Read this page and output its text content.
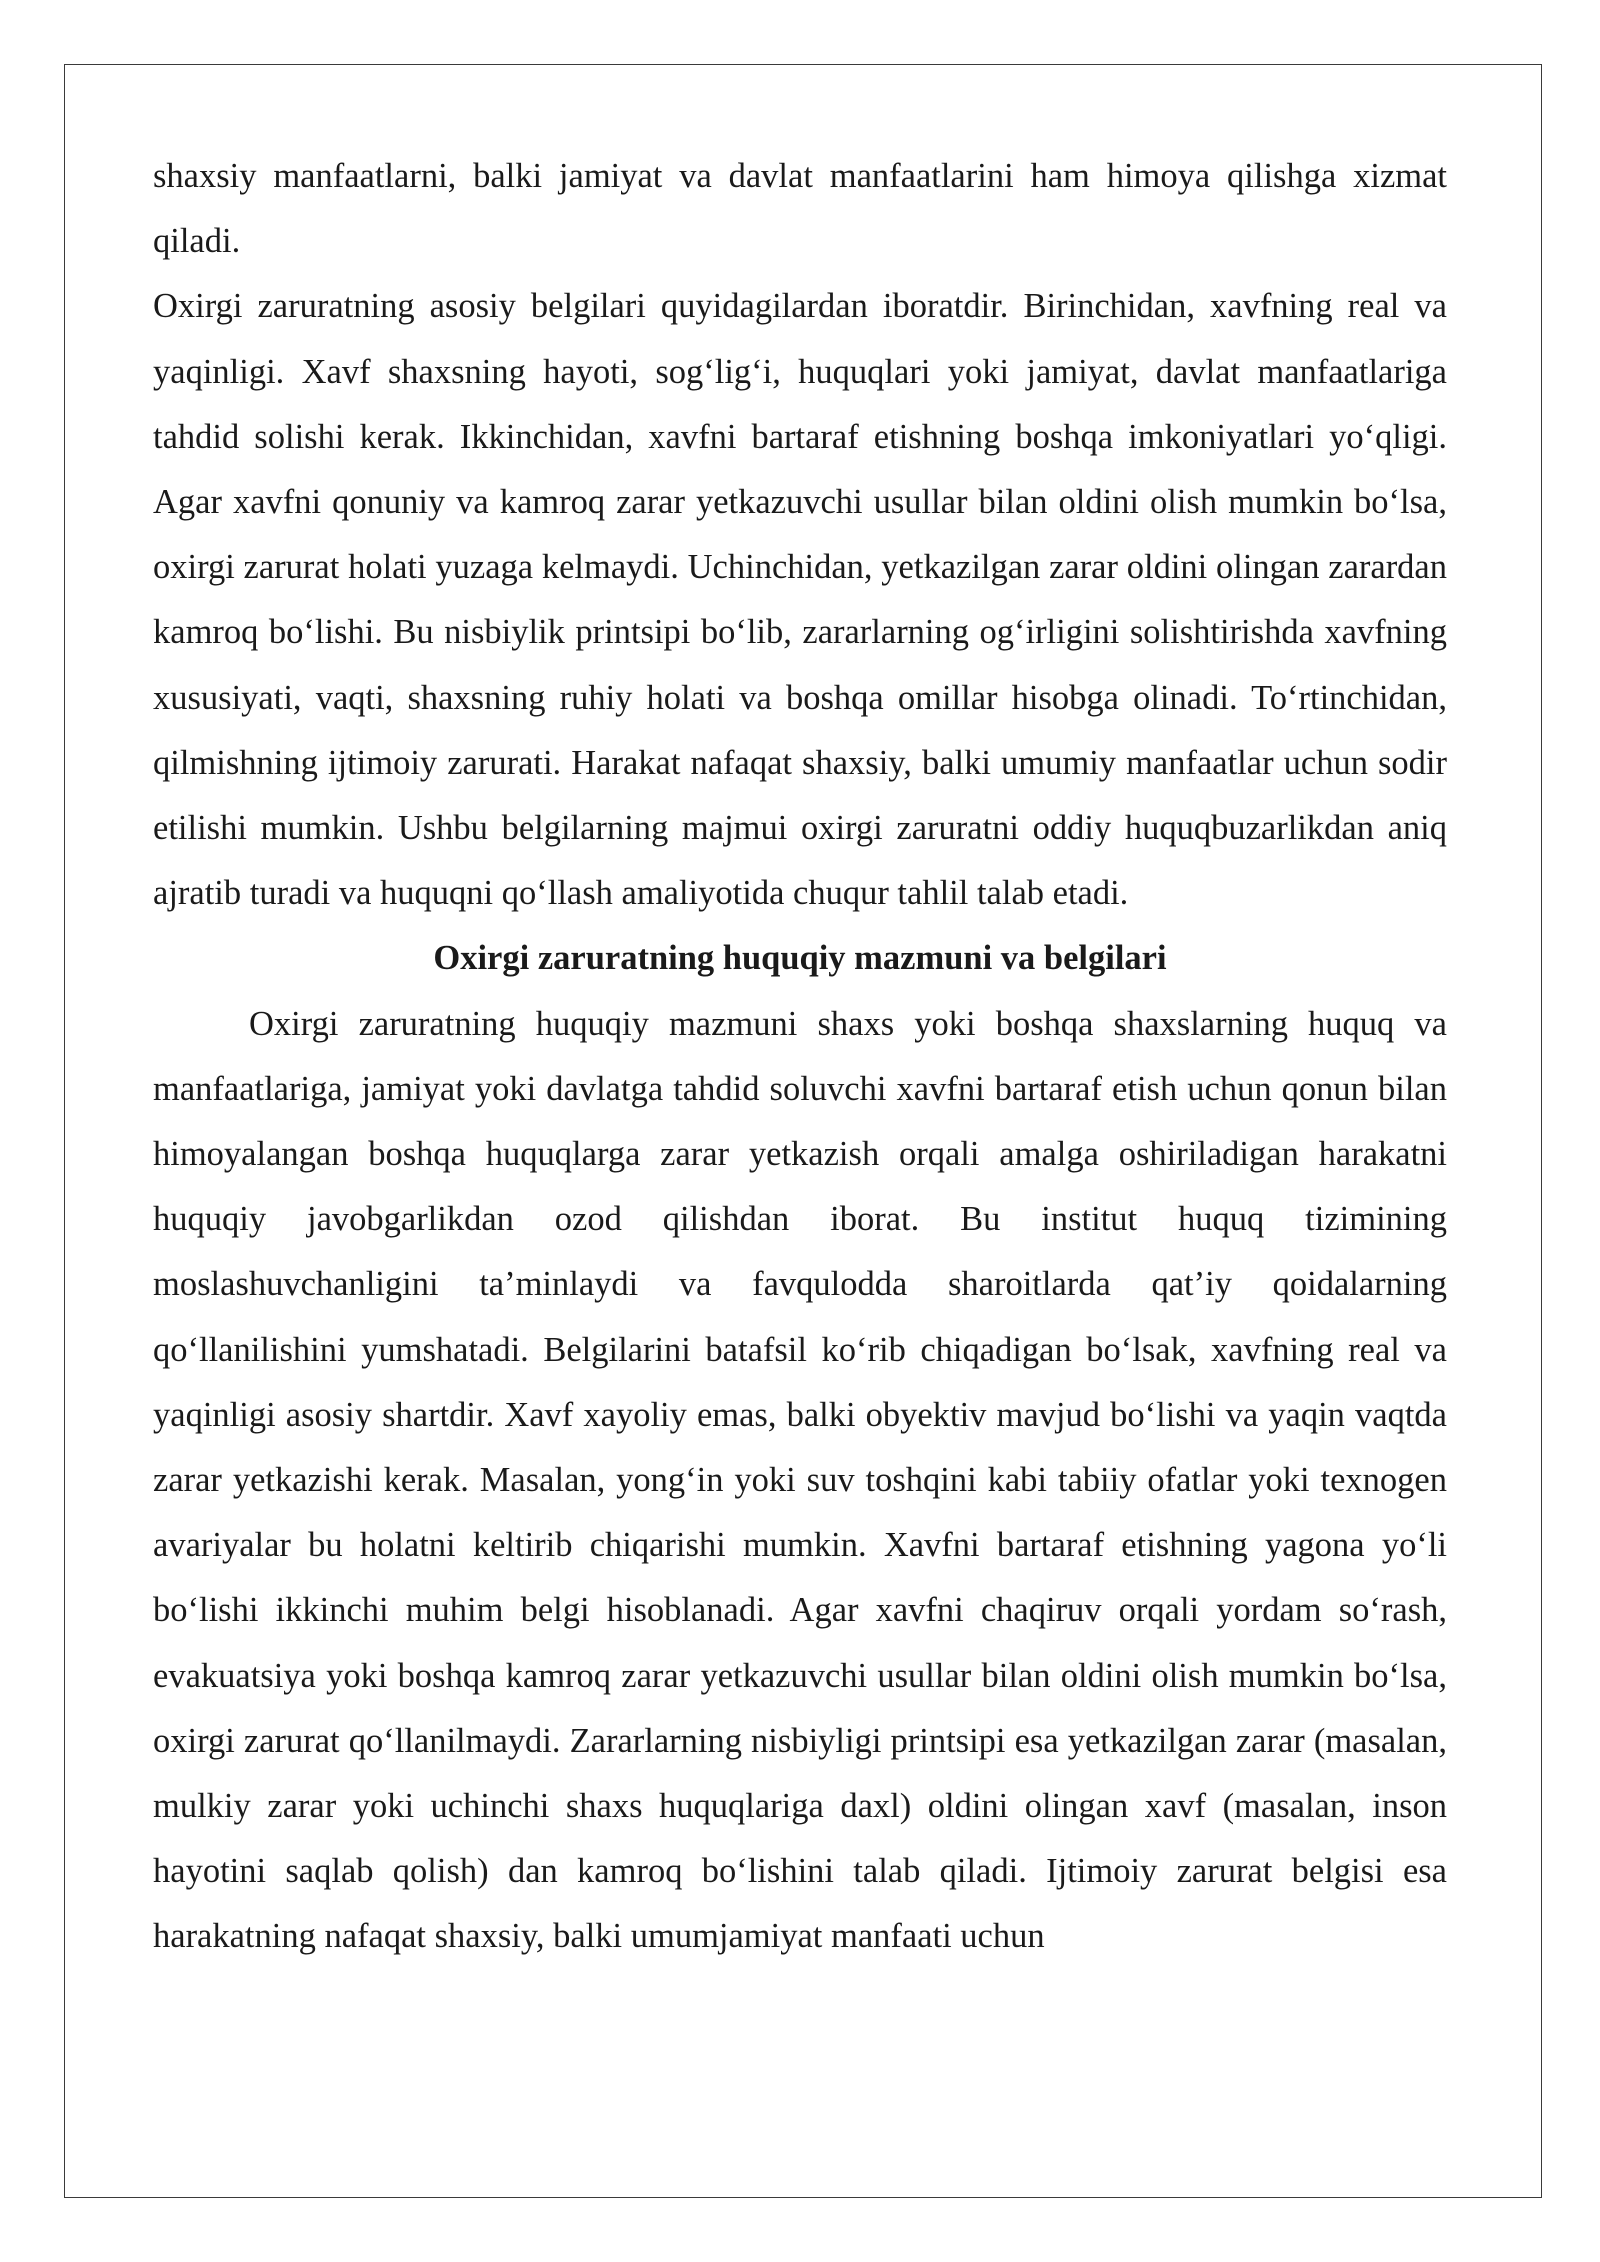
shaxsiy manfaatlarni, balki jamiyat va davlat manfaatlarini ham himoya qilishga xizmat qiladi.

Oxirgi zaruratning asosiy belgilari quyidagilardan iboratdir. Birinchidan, xavfning real va yaqinligi. Xavf shaxsning hayoti, sog‘lig‘i, huquqlari yoki jamiyat, davlat manfaatlariga tahdid solishi kerak. Ikkinchidan, xavfni bartaraf etishning boshqa imkoniyatlari yo‘qligi. Agar xavfni qonuniy va kamroq zarar yetkazuvchi usullar bilan oldini olish mumkin bo‘lsa, oxirgi zarurat holati yuzaga kelmaydi. Uchinchidan, yetkazilgan zarar oldini olingan zarardan kamroq bo‘lishi. Bu nisbiylik printsipi bo‘lib, zararlarning og‘irligini solishtirishda xavfning xususiyati, vaqti, shaxsning ruhiy holati va boshqa omillar hisobga olinadi. To‘rtinchidan, qilmishning ijtimoiy zarurati. Harakat nafaqat shaxsiy, balki umumiy manfaatlar uchun sodir etilishi mumkin. Ushbu belgilarning majmui oxirgi zaruratni oddiy huquqbuzarlikdan aniq ajratib turadi va huquqni qo‘llash amaliyotida chuqur tahlil talab etadi.

Oxirgi zaruratning huquqiy mazmuni va belgilari

Oxirgi zaruratning huquqiy mazmuni shaxs yoki boshqa shaxslarning huquq va manfaatlariga, jamiyat yoki davlatga tahdid soluvchi xavfni bartaraf etish uchun qonun bilan himoyalangan boshqa huquqlarga zarar yetkazish orqali amalga oshiriladigan harakatni huquqiy javobgarlikdan ozod qilishdan iborat. Bu institut huquq tizimining moslashuvchanligini ta’minlaydi va favqulodda sharoitlarda qat’iy qoidalarning qo‘llanilishini yumshatadi. Belgilarini batafsil ko‘rib chiqadigan bo‘lsak, xavfning real va yaqinligi asosiy shartdir. Xavf xayoliy emas, balki obyektiv mavjud bo‘lishi va yaqin vaqtda zarar yetkazishi kerak. Masalan, yong‘in yoki suv toshqini kabi tabiiy ofatlar yoki texnogen avariyalar bu holatni keltirib chiqarishi mumkin. Xavfni bartaraf etishning yagona yo‘li bo‘lishi ikkinchi muhim belgi hisoblanadi. Agar xavfni chaqiruv orqali yordam so‘rash, evakuatsiya yoki boshqa kamroq zarar yetkazuvchi usullar bilan oldini olish mumkin bo‘lsa, oxirgi zarurat qo‘llanilmaydi. Zararlarning nisbiyligi printsipi esa yetkazilgan zarar (masalan, mulkiy zarar yoki uchinchi shaxs huquqlariga daxl) oldini olingan xavf (masalan, inson hayotini saqlab qolish) dan kamroq bo‘lishini talab qiladi. Ijtimoiy zarurat belgisi esa harakatning nafaqat shaxsiy, balki umumjamiyat manfaati uchun
